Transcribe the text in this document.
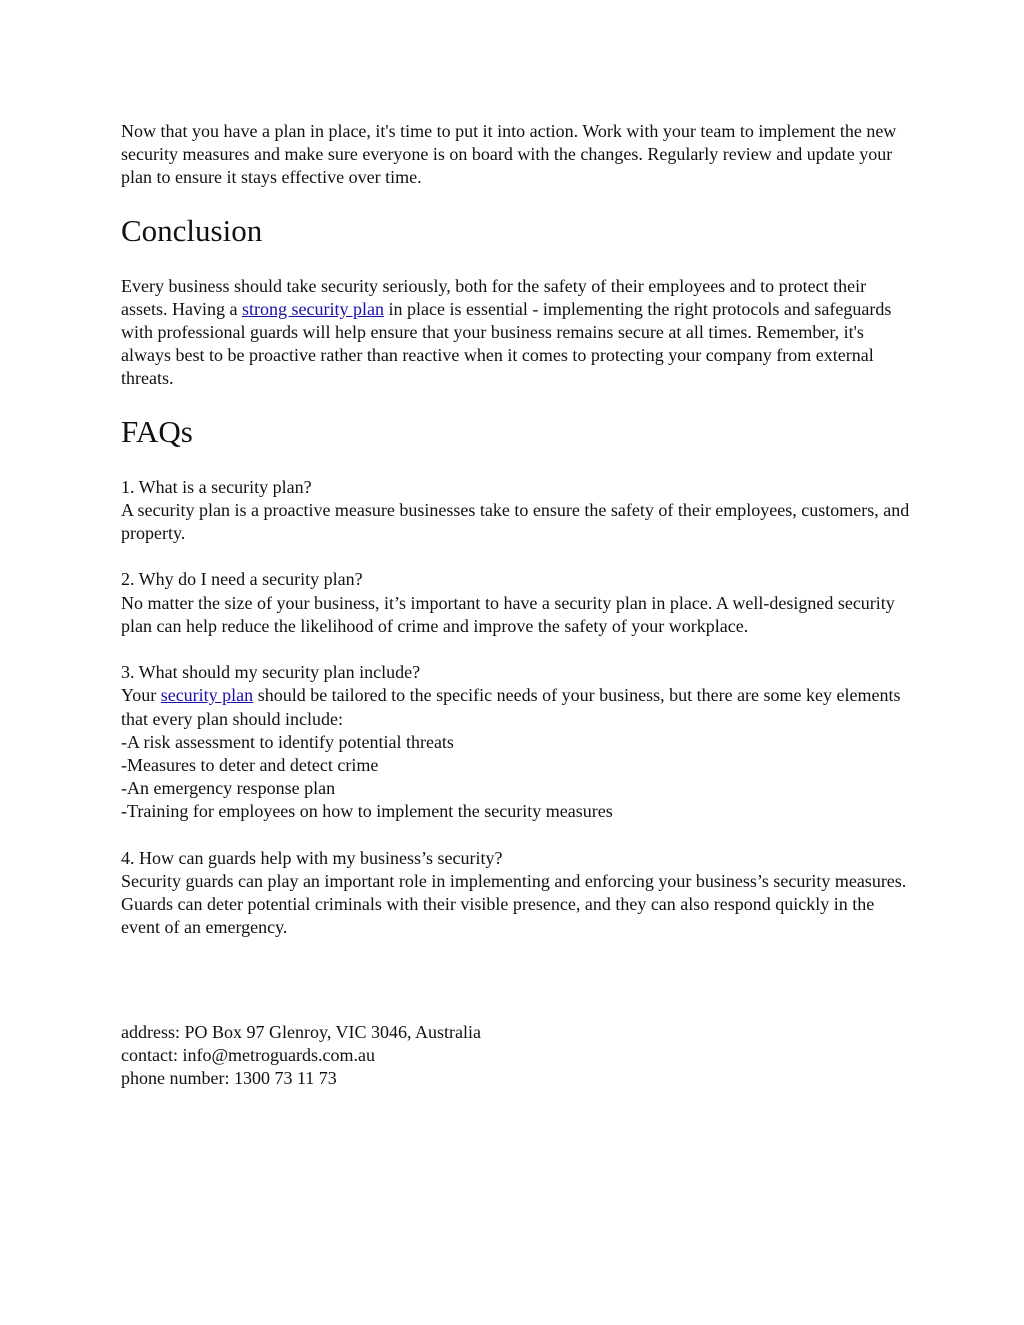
Now that you have a plan in place, it's time to put it into action. Work with your team to implement the new security measures and make sure everyone is on board with the changes. Regularly review and update your plan to ensure it stays effective over time.

Conclusion

Every business should take security seriously, both for the safety of their employees and to protect their assets. Having a strong security plan in place is essential - implementing the right protocols and safeguards with professional guards will help ensure that your business remains secure at all times. Remember, it's always best to be proactive rather than reactive when it comes to protecting your company from external threats.

FAQs

1. What is a security plan?

A security plan is a proactive measure businesses take to ensure the safety of their employees, customers, and property.

2. Why do I need a security plan?

No matter the size of your business, it’s important to have a security plan in place. A well-designed security plan can help reduce the likelihood of crime and improve the safety of your workplace.

3. What should my security plan include?

Your security plan should be tailored to the specific needs of your business, but there are some key elements that every plan should include:

-A risk assessment to identify potential threats
-Measures to deter and detect crime
-An emergency response plan
-Training for employees on how to implement the security measures

4. How can guards help with my business’s security?

Security guards can play an important role in implementing and enforcing your business’s security measures. Guards can deter potential criminals with their visible presence, and they can also respond quickly in the event of an emergency.

address: PO Box 97 Glenroy, VIC 3046, Australia

contact: info@metroguards.com.au

phone number: 1300 73 11 73
